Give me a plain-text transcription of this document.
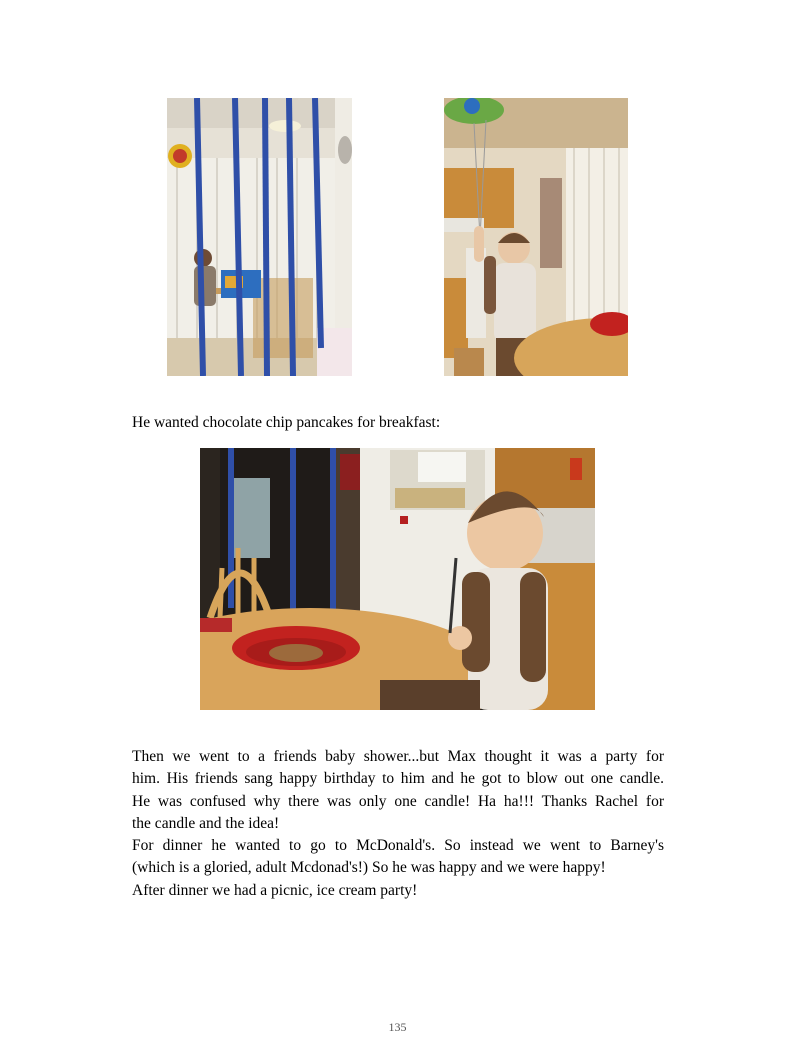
He wanted chocolate chip pancakes for breakfast:
Then we went to a friends baby shower...but Max thought it was a party for
him. His friends sang happy birthday to him and he got to blow out one candle.
He was confused why there was only one candle! Ha ha!!! Thanks Rachel for
the candle and the idea!
For dinner he wanted to go to McDonald's. So instead we went to Barney's
(which is a gloried, adult Mcdonad's!) So he was happy and we were happy!
After dinner we had a picnic, ice cream party!
135
